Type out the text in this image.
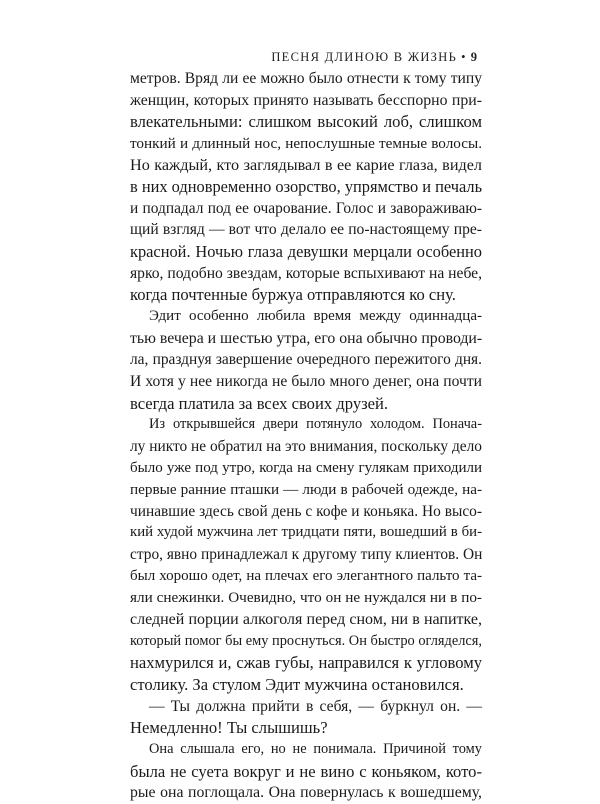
ПЕСНЯ ДЛИНОЮ В ЖИЗНЬ • 9
метров. Вряд ли ее можно было отнести к тому типу
женщин, которых принято называть бесспорно при-
влекательными: слишком высокий лоб, слишком
тонкий и длинный нос, непослушные темные волосы.
Но каждый, кто заглядывал в ее карие глаза, видел
в них одновременно озорство, упрямство и печаль
и подпадал под ее очарование. Голос и завораживаю-
щий взгляд — вот что делало ее по-настоящему пре-
красной. Ночью глаза девушки мерцали особенно
ярко, подобно звездам, которые вспыхивают на небе,
когда почтенные буржуа отправляются ко сну.
Эдит особенно любила время между одиннадца-
тью вечера и шестью утра, его она обычно проводи-
ла, празднуя завершение очередного пережитого дня.
И хотя у нее никогда не было много денег, она почти
всегда платила за всех своих друзей.
Из открывшейся двери потянуло холодом. Понача-
лу никто не обратил на это внимания, поскольку дело
было уже под утро, когда на смену гулякам приходили
первые ранние пташки — люди в рабочей одежде, на-
чинавшие здесь свой день с кофе и коньяка. Но высо-
кий худой мужчина лет тридцати пяти, вошедший в би-
стро, явно принадлежал к другому типу клиентов. Он
был хорошо одет, на плечах его элегантного пальто та-
яли снежинки. Очевидно, что он не нуждался ни в по-
следней порции алкоголя перед сном, ни в напитке,
который помог бы ему проснуться. Он быстро огляделся,
нахмурился и, сжав губы, направился к угловому
столику. За стулом Эдит мужчина остановился.
— Ты должна прийти в себя, — буркнул он. —
Немедленно! Ты слышишь?
Она слышала его, но не понимала. Причиной тому
была не суета вокруг и не вино с коньяком, кото-
рые она поглощала. Она повернулась к вошедшему,
